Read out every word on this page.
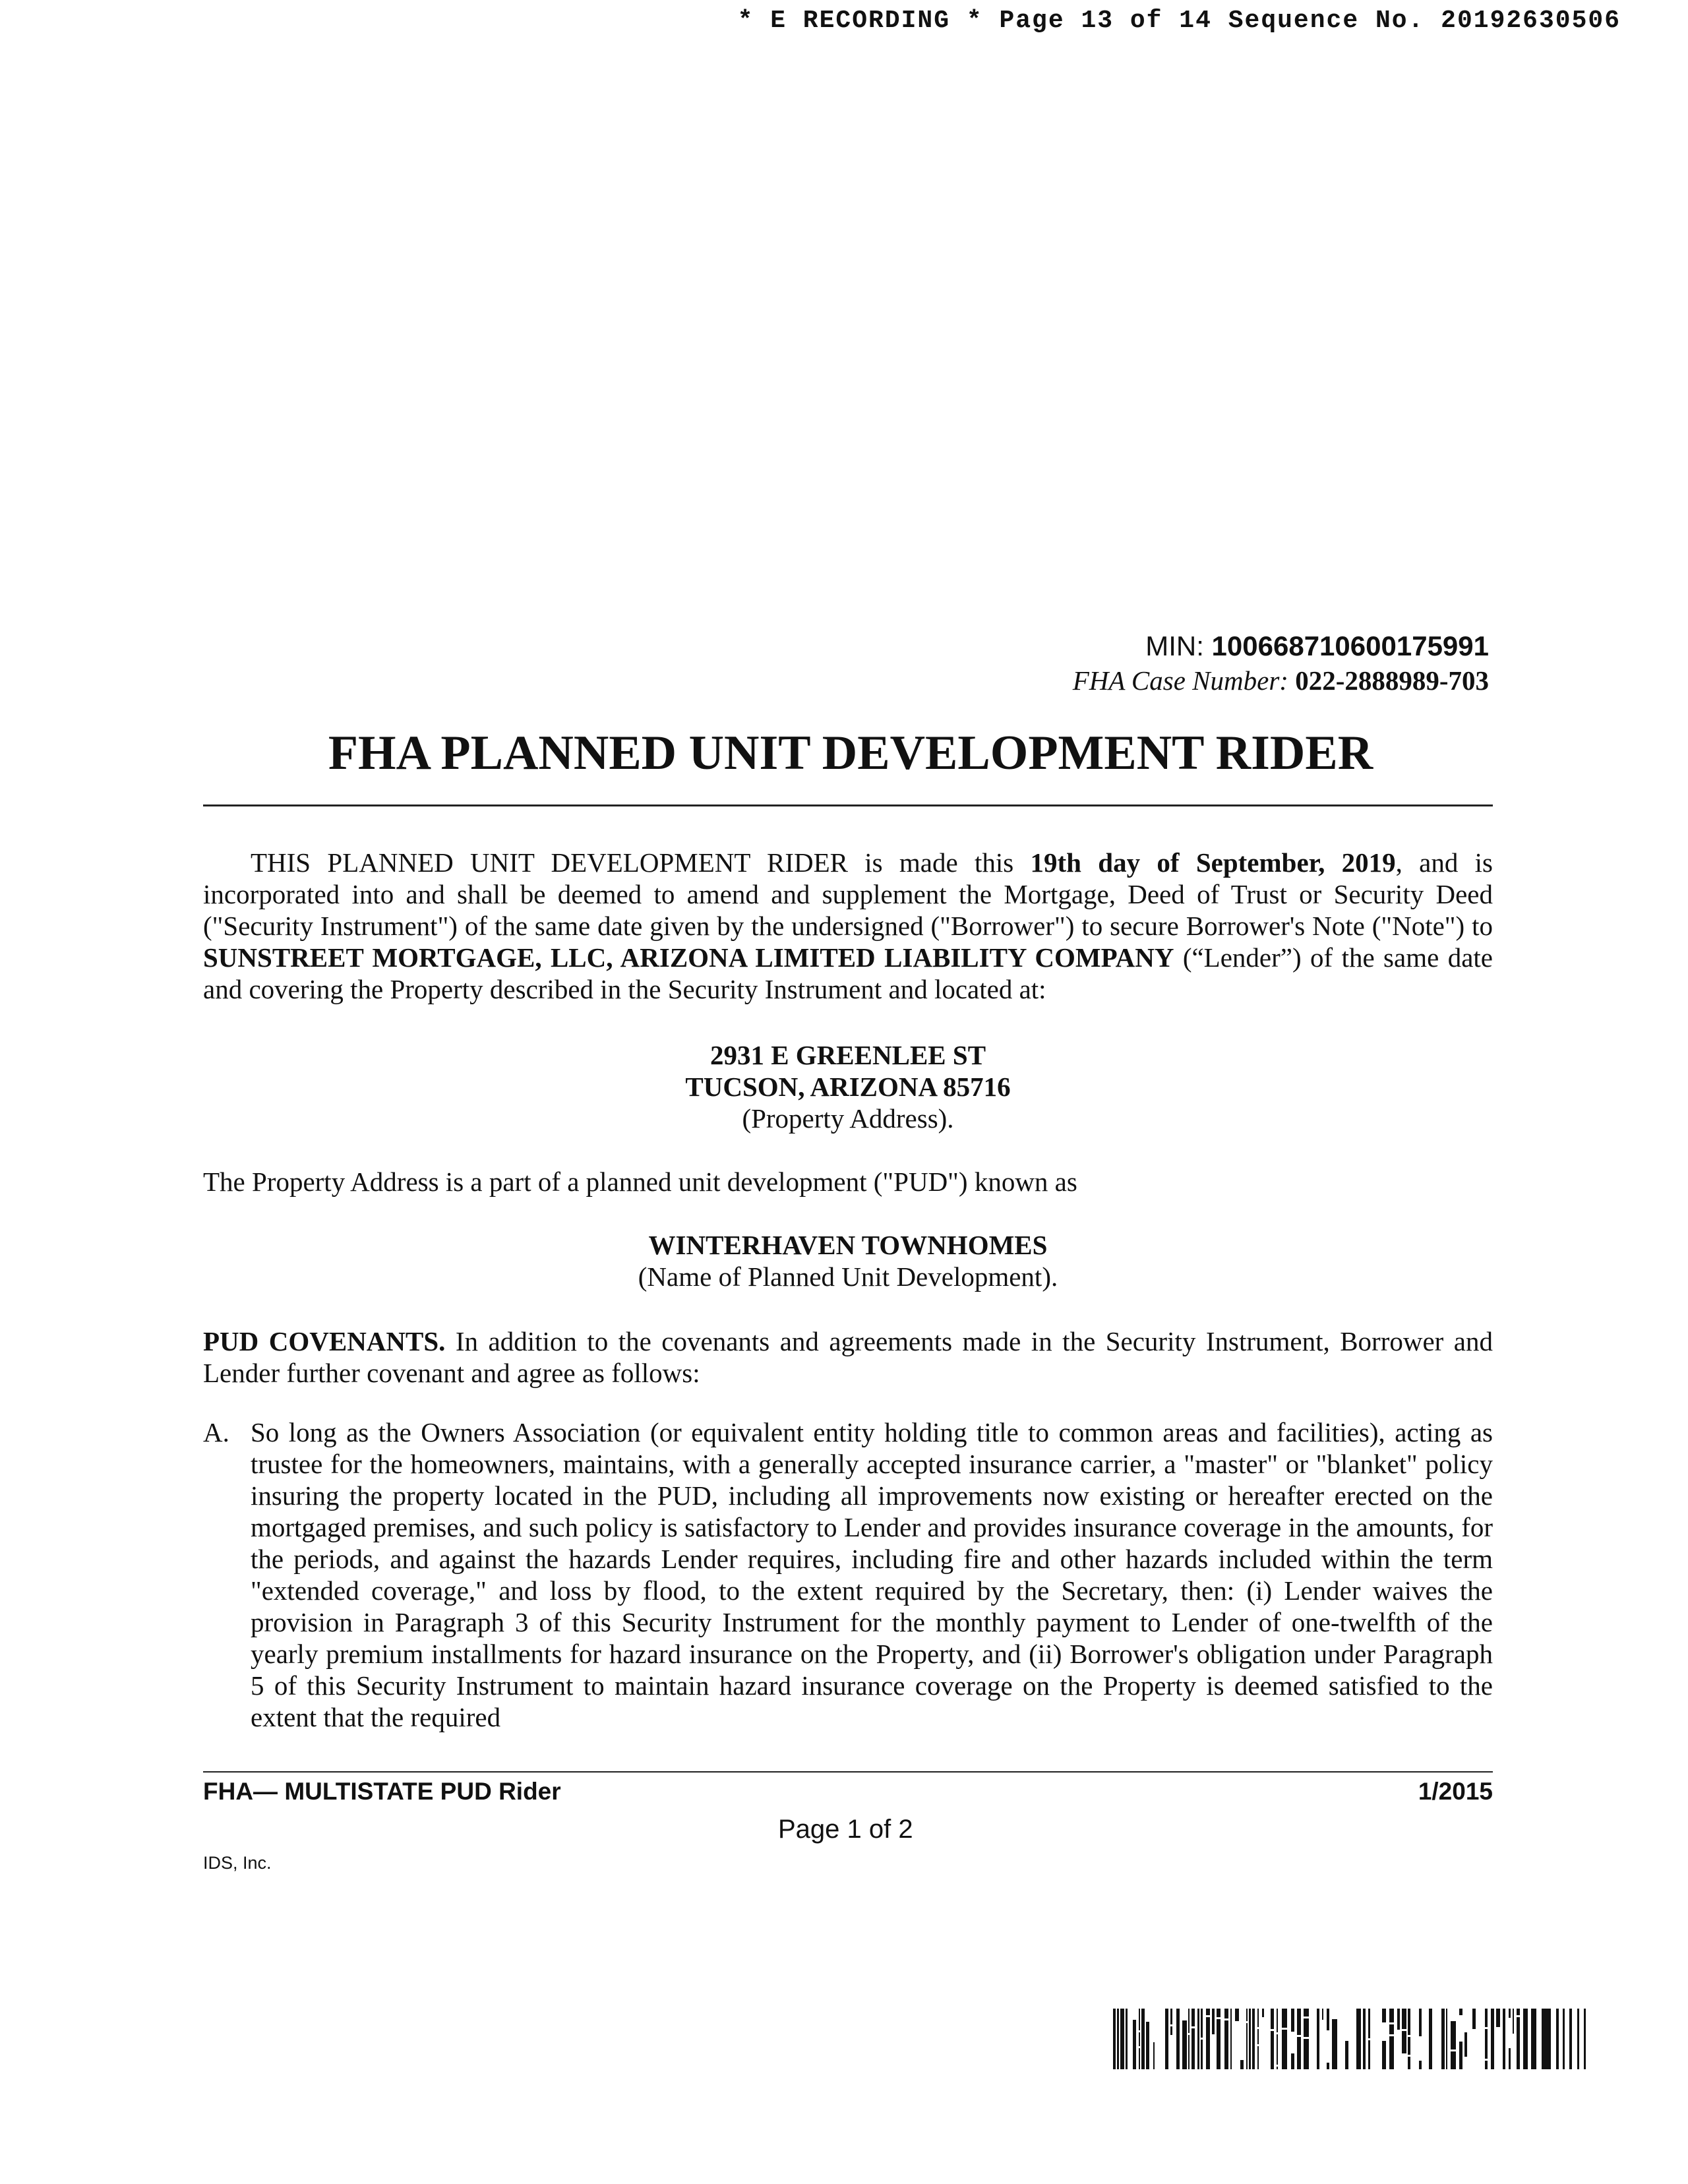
* E RECORDING * Page 13 of 14 Sequence No. 20192630506
MIN: 100668710600175991
FHA Case Number: 022-2888989-703
FHA PLANNED UNIT DEVELOPMENT RIDER
THIS PLANNED UNIT DEVELOPMENT RIDER is made this 19th day of September, 2019, and is incorporated into and shall be deemed to amend and supplement the Mortgage, Deed of Trust or Security Deed ("Security Instrument") of the same date given by the undersigned ("Borrower") to secure Borrower's Note ("Note") to SUNSTREET MORTGAGE, LLC, ARIZONA LIMITED LIABILITY COMPANY (“Lender”) of the same date and covering the Property described in the Security Instrument and located at:
2931 E GREENLEE ST
TUCSON, ARIZONA 85716
(Property Address).
The Property Address is a part of a planned unit development ("PUD") known as
WINTERHAVEN TOWNHOMES
(Name of Planned Unit Development).
PUD COVENANTS. In addition to the covenants and agreements made in the Security Instrument, Borrower and Lender further covenant and agree as follows:
A. So long as the Owners Association (or equivalent entity holding title to common areas and facilities), acting as trustee for the homeowners, maintains, with a generally accepted insurance carrier, a "master" or "blanket" policy insuring the property located in the PUD, including all improvements now existing or hereafter erected on the mortgaged premises, and such policy is satisfactory to Lender and provides insurance coverage in the amounts, for the periods, and against the hazards Lender requires, including fire and other hazards included within the term "extended coverage," and loss by flood, to the extent required by the Secretary, then: (i) Lender waives the provision in Paragraph 3 of this Security Instrument for the monthly payment to Lender of one-twelfth of the yearly premium installments for hazard insurance on the Property, and (ii) Borrower's obligation under Paragraph 5 of this Security Instrument to maintain hazard insurance coverage on the Property is deemed satisfied to the extent that the required
FHA— MULTISTATE PUD Rider	1/2015
Page 1 of 2
IDS, Inc.
